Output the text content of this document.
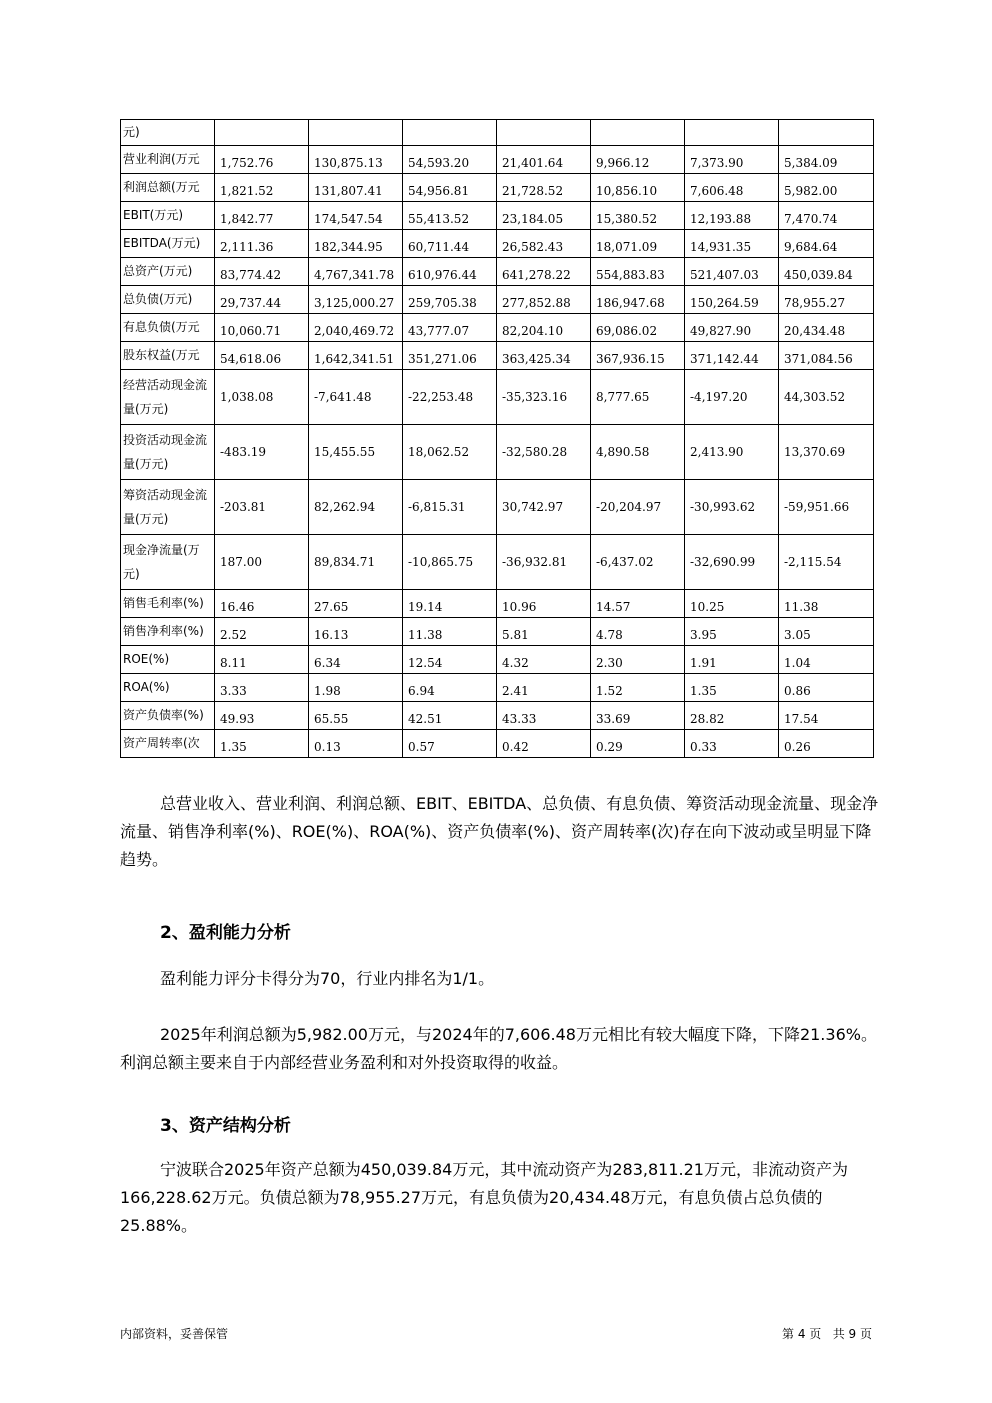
元)							
营业利润(万元	1,752.76	130,875.13	54,593.20	21,401.64	9,966.12	7,373.90	5,384.09
利润总额(万元	1,821.52	131,807.41	54,956.81	21,728.52	10,856.10	7,606.48	5,982.00
EBIT(万元)	1,842.77	174,547.54	55,413.52	23,184.05	15,380.52	12,193.88	7,470.74
EBITDA(万元)	2,111.36	182,344.95	60,711.44	26,582.43	18,071.09	14,931.35	9,684.64
总资产(万元)	83,774.42	4,767,341.78	610,976.44	641,278.22	554,883.83	521,407.03	450,039.84
总负债(万元)	29,737.44	3,125,000.27	259,705.38	277,852.88	186,947.68	150,264.59	78,955.27
有息负债(万元	10,060.71	2,040,469.72	43,777.07	82,204.10	69,086.02	49,827.90	20,434.48
股东权益(万元	54,618.06	1,642,341.51	351,271.06	363,425.34	367,936.15	371,142.44	371,084.56
经营活动现金流量(万元)	1,038.08	-7,641.48	-22,253.48	-35,323.16	8,777.65	-4,197.20	44,303.52
投资活动现金流量(万元)	-483.19	15,455.55	18,062.52	-32,580.28	4,890.58	2,413.90	13,370.69
筹资活动现金流量(万元)	-203.81	82,262.94	-6,815.31	30,742.97	-20,204.97	-30,993.62	-59,951.66
现金净流量(万元)	187.00	89,834.71	-10,865.75	-36,932.81	-6,437.02	-32,690.99	-2,115.54
销售毛利率(%)	16.46	27.65	19.14	10.96	14.57	10.25	11.38
销售净利率(%)	2.52	16.13	11.38	5.81	4.78	3.95	3.05
ROE(%)	8.11	6.34	12.54	4.32	2.30	1.91	1.04
ROA(%)	3.33	1.98	6.94	2.41	1.52	1.35	0.86
资产负债率(%)	49.93	65.55	42.51	43.33	33.69	28.82	17.54
资产周转率(次	1.35	0.13	0.57	0.42	0.29	0.33	0.26

总营业收入、营业利润、利润总额、EBIT、EBITDA、总负债、有息负债、筹资活动现金流量、现金净流量、销售净利率(%)、ROE(%)、ROA(%)、资产负债率(%)、资产周转率(次)存在向下波动或呈明显下降趋势。

2、盈利能力分析

盈利能力评分卡得分为70，行业内排名为1/1。

2025年利润总额为5,982.00万元，与2024年的7,606.48万元相比有较大幅度下降，下降21.36%。利润总额主要来自于内部经营业务盈利和对外投资取得的收益。

3、资产结构分析

宁波联合2025年资产总额为450,039.84万元，其中流动资产为283,811.21万元，非流动资产为166,228.62万元。负债总额为78,955.27万元，有息负债为20,434.48万元，有息负债占总负债的25.88%。

内部资料，妥善保管	第 4 页   共 9 页
